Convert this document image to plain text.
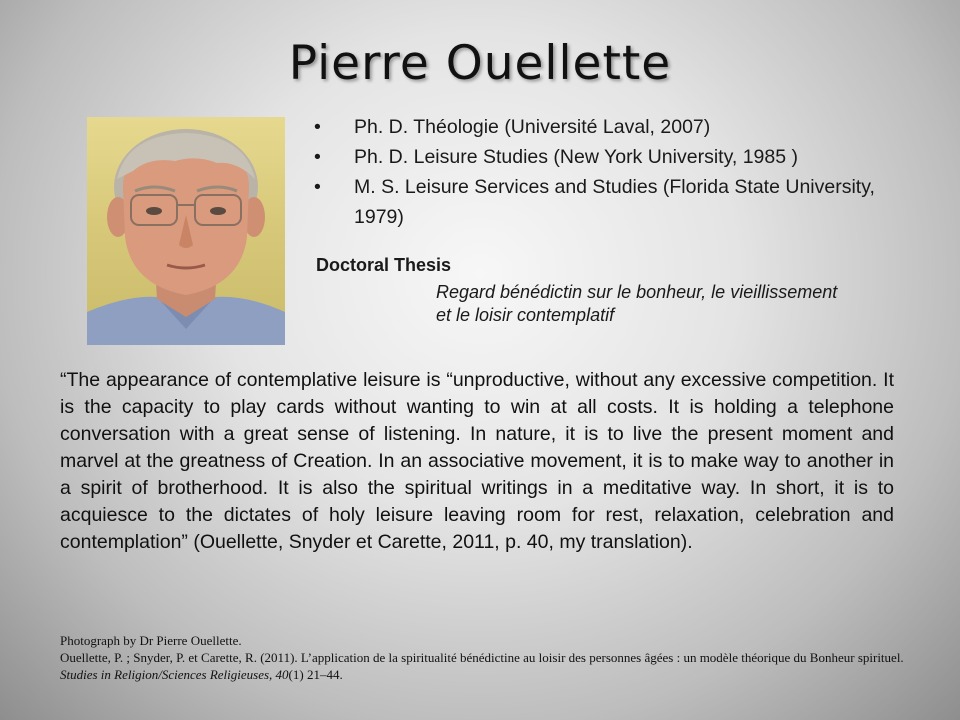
Pierre Ouellette
• Ph. D. Théologie (Université Laval, 2007)
• Ph. D. Leisure Studies (New York University, 1985 )
• M. S. Leisure Services and Studies (Florida State University, 1979)
Doctoral Thesis
Regard bénédictin sur le bonheur, le vieillissement et le loisir contemplatif
“The appearance of contemplative leisure is “unproductive, without any excessive competition. It is the capacity to play cards without wanting to win at all costs. It is holding a telephone conversation with a great sense of listening. In nature, it is to live the present moment and marvel at the greatness of Creation. In an associative movement, it is to make way to another in a spirit of brotherhood. It is also the spiritual writings in a meditative way. In short, it is to acquiesce to the dictates of holy leisure leaving room for rest, relaxation, celebration and contemplation” (Ouellette, Snyder et Carette, 2011, p. 40, my translation).
Photograph by Dr Pierre Ouellette.
Ouellette, P. ; Snyder, P. et Carette, R. (2011). L’application de la spiritualité bénédictine au loisir des personnes âgées : un modèle théorique du Bonheur spirituel. Studies in Religion/Sciences Religieuses, 40(1) 21–44.
